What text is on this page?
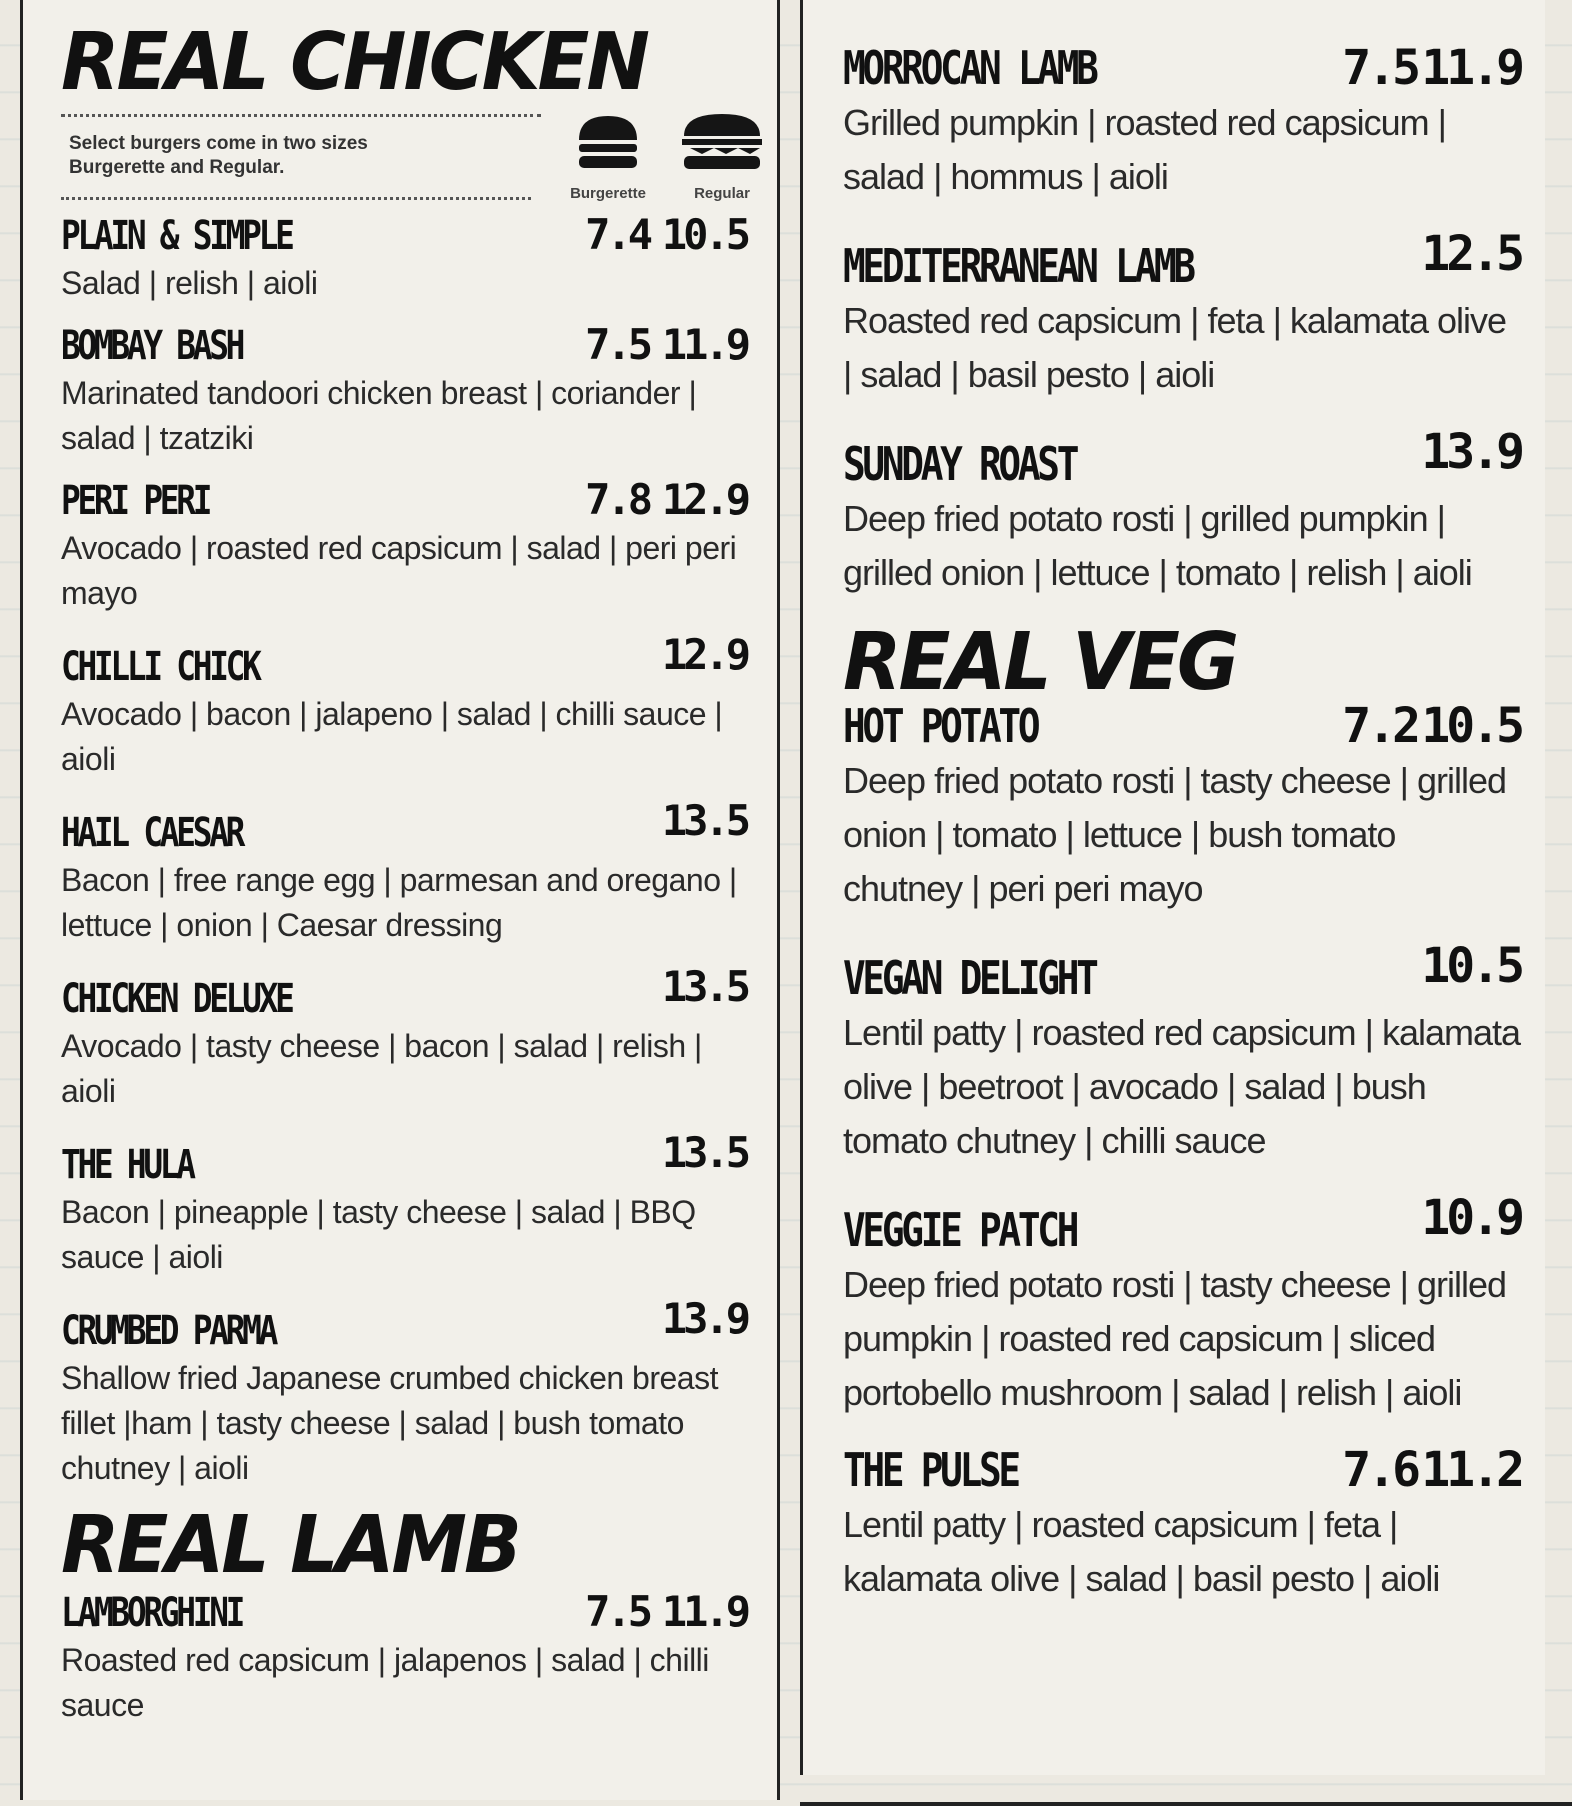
REAL CHICKEN
Select burgers come in two sizes
Burgerette and Regular.
Burgerette	Regular
PLAIN & SIMPLE	7.4 10.5
Salad | relish | aioli
BOMBAY BASH	7.5 11.9
Marinated tandoori chicken breast | coriander | salad | tzatziki
PERI PERI	7.8 12.9
Avocado | roasted red capsicum | salad | peri peri mayo
CHILLI CHICK	12.9
Avocado | bacon | jalapeno | salad | chilli sauce | aioli
HAIL CAESAR	13.5
Bacon | free range egg | parmesan and oregano | lettuce | onion | Caesar dressing
CHICKEN DELUXE	13.5
Avocado | tasty cheese | bacon | salad | relish | aioli
THE HULA	13.5
Bacon | pineapple | tasty cheese | salad | BBQ sauce | aioli
CRUMBED PARMA	13.9
Shallow fried Japanese crumbed chicken breast fillet |ham | tasty cheese | salad | bush tomato chutney | aioli
REAL LAMB
LAMBORGHINI	7.5 11.9
Roasted red capsicum | jalapenos | salad | chilli sauce
MORROCAN LAMB	7.5 11.9
Grilled pumpkin | roasted red capsicum | salad | hommus | aioli
MEDITERRANEAN LAMB	12.5
Roasted red capsicum | feta | kalamata olive | salad | basil pesto | aioli
SUNDAY ROAST	13.9
Deep fried potato rosti | grilled pumpkin | grilled onion | lettuce | tomato | relish | aioli
REAL VEG
HOT POTATO	7.2 10.5
Deep fried potato rosti | tasty cheese | grilled onion | tomato | lettuce | bush tomato chutney | peri peri mayo
VEGAN DELIGHT	10.5
Lentil patty | roasted red capsicum | kalamata olive | beetroot | avocado | salad | bush tomato chutney | chilli sauce
VEGGIE PATCH	10.9
Deep fried potato rosti | tasty cheese | grilled pumpkin | roasted red capsicum | sliced portobello mushroom | salad | relish | aioli
THE PULSE	7.6 11.2
Lentil patty | roasted capsicum | feta | kalamata olive | salad | basil pesto | aioli
